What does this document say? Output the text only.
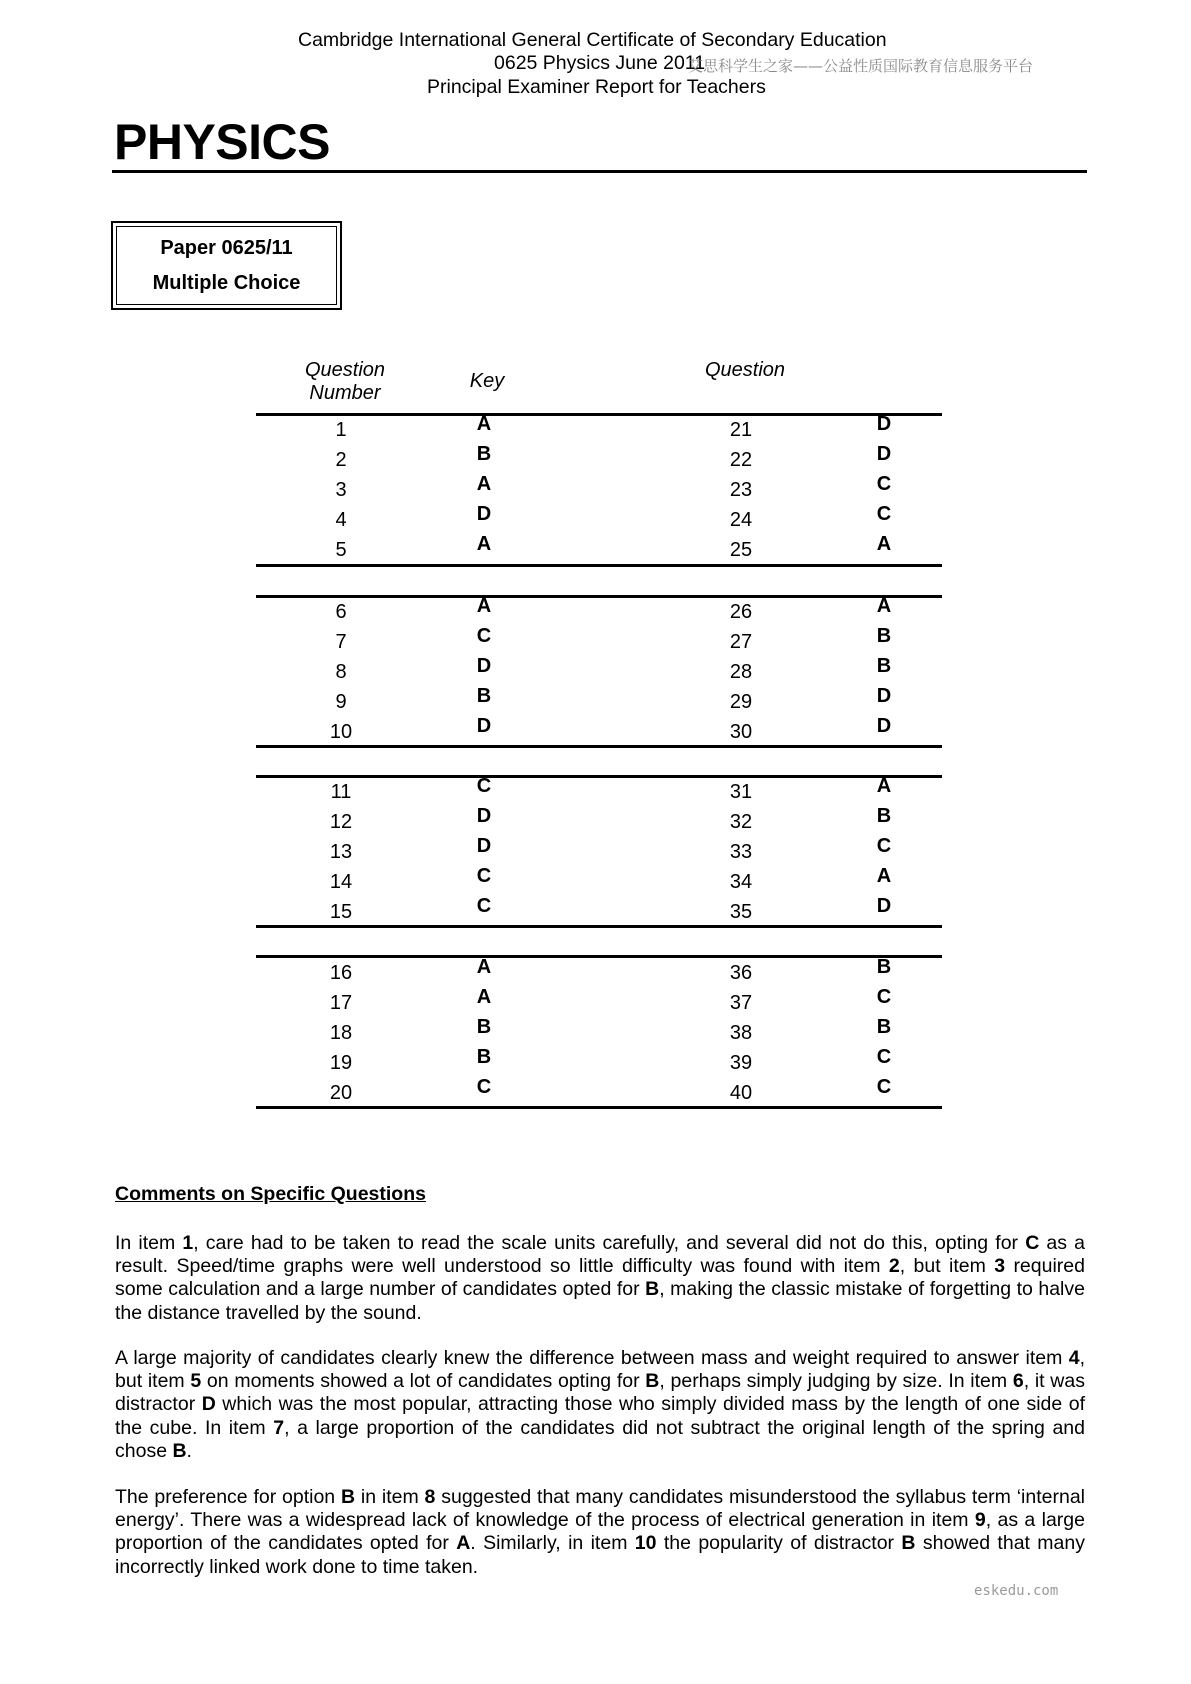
Cambridge International General Certificate of Secondary Education
0625 Physics June 2011
艾思科学生之家——公益性质国际教育信息服务平台
Principal Examiner Report for Teachers
PHYSICS
Paper 0625/11
Multiple Choice
Question
Number
Key	Question
1	A	21	D
2	B	22	D
3	A	23	C
4	D	24	C
5	A	25	A
6	A	26	A
7	C	27	B
8	D	28	B
9	B	29	D
10	D	30	D
11	C	31	A
12	D	32	B
13	D	33	C
14	C	34	A
15	C	35	D
16	A	36	B
17	A	37	C
18	B	38	B
19	B	39	C
20	C	40	C
Comments on Specific Questions
In item 1, care had to be taken to read the scale units carefully, and several did not do this, opting for C as a result. Speed/time graphs were well understood so little difficulty was found with item 2, but item 3 required some calculation and a large number of candidates opted for B, making the classic mistake of forgetting to halve the distance travelled by the sound.
A large majority of candidates clearly knew the difference between mass and weight required to answer item 4, but item 5 on moments showed a lot of candidates opting for B, perhaps simply judging by size. In item 6, it was distractor D which was the most popular, attracting those who simply divided mass by the length of one side of the cube. In item 7, a large proportion of the candidates did not subtract the original length of the spring and chose B.
The preference for option B in item 8 suggested that many candidates misunderstood the syllabus term ‘internal energy’. There was a widespread lack of knowledge of the process of electrical generation in item 9, as a large proportion of the candidates opted for A. Similarly, in item 10 the popularity of distractor B showed that many incorrectly linked work done to time taken.
eskedu.com
